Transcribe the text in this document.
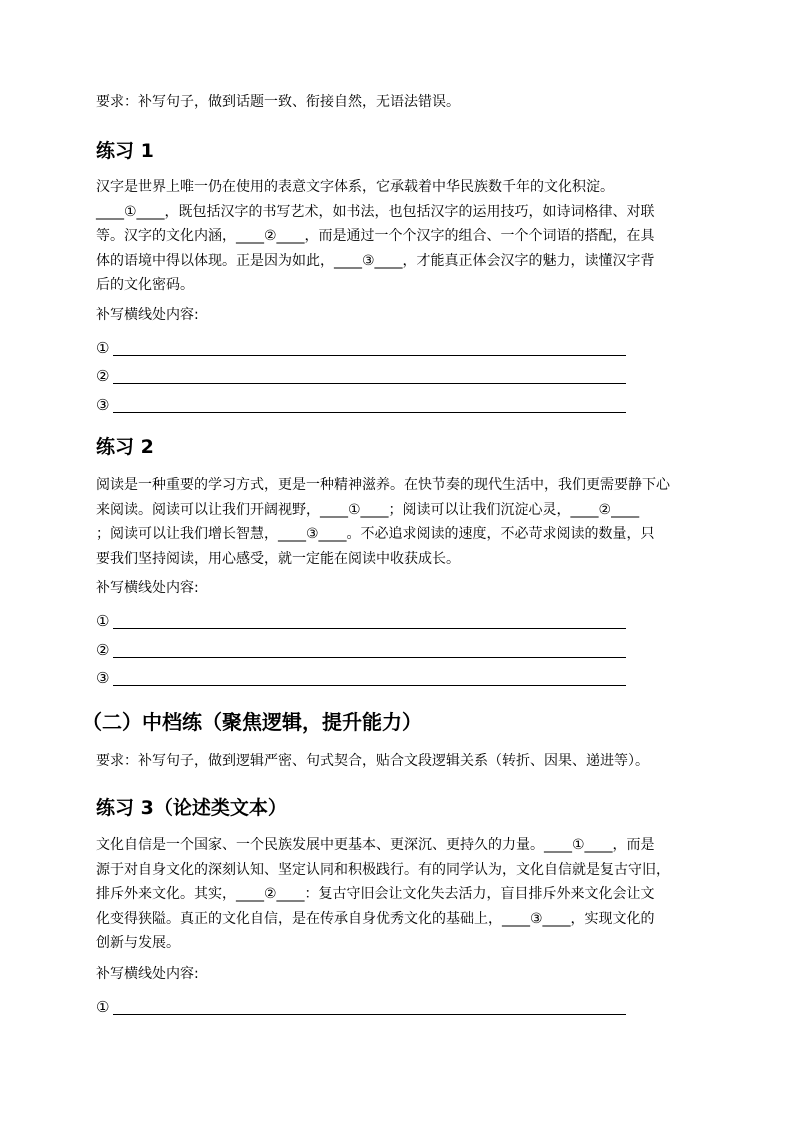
要求：补写句子，做到话题一致、衔接自然，无语法错误。
练习 1

汉字是世界上唯一仍在使用的表意文字体系，它承载着中华民族数千年的文化积淀。

____①____，既包括汉字的书写艺术，如书法，也包括汉字的运用技巧，如诗词格律、对联

等。汉字的文化内涵，____②____，而是通过一个个汉字的组合、一个个词语的搭配，在具

体的语境中得以体现。正是因为如此，____③____，才能真正体会汉字的魅力，读懂汉字背

后的文化密码。

补写横线处内容:
①
②
③
练习 2

阅读是一种重要的学习方式，更是一种精神滋养。在快节奏的现代生活中，我们更需要静下心

来阅读。阅读可以让我们开阔视野，____①____；阅读可以让我们沉淀心灵，____②____

；阅读可以让我们增长智慧，____③____。不必追求阅读的速度，不必苛求阅读的数量，只

要我们坚持阅读，用心感受，就一定能在阅读中收获成长。

补写横线处内容:
①
②
③
（二）中档练（聚焦逻辑，提升能力）
要求：补写句子，做到逻辑严密、句式契合，贴合文段逻辑关系（转折、因果、递进等）。
练习 3（论述类文本）

文化自信是一个国家、一个民族发展中更基本、更深沉、更持久的力量。____①____，而是

源于对自身文化的深刻认知、坚定认同和积极践行。有的同学认为，文化自信就是复古守旧，

排斥外来文化。其实，____②____：复古守旧会让文化失去活力，盲目排斥外来文化会让文

化变得狭隘。真正的文化自信，是在传承自身优秀文化的基础上，____③____，实现文化的

创新与发展。

补写横线处内容:
①
